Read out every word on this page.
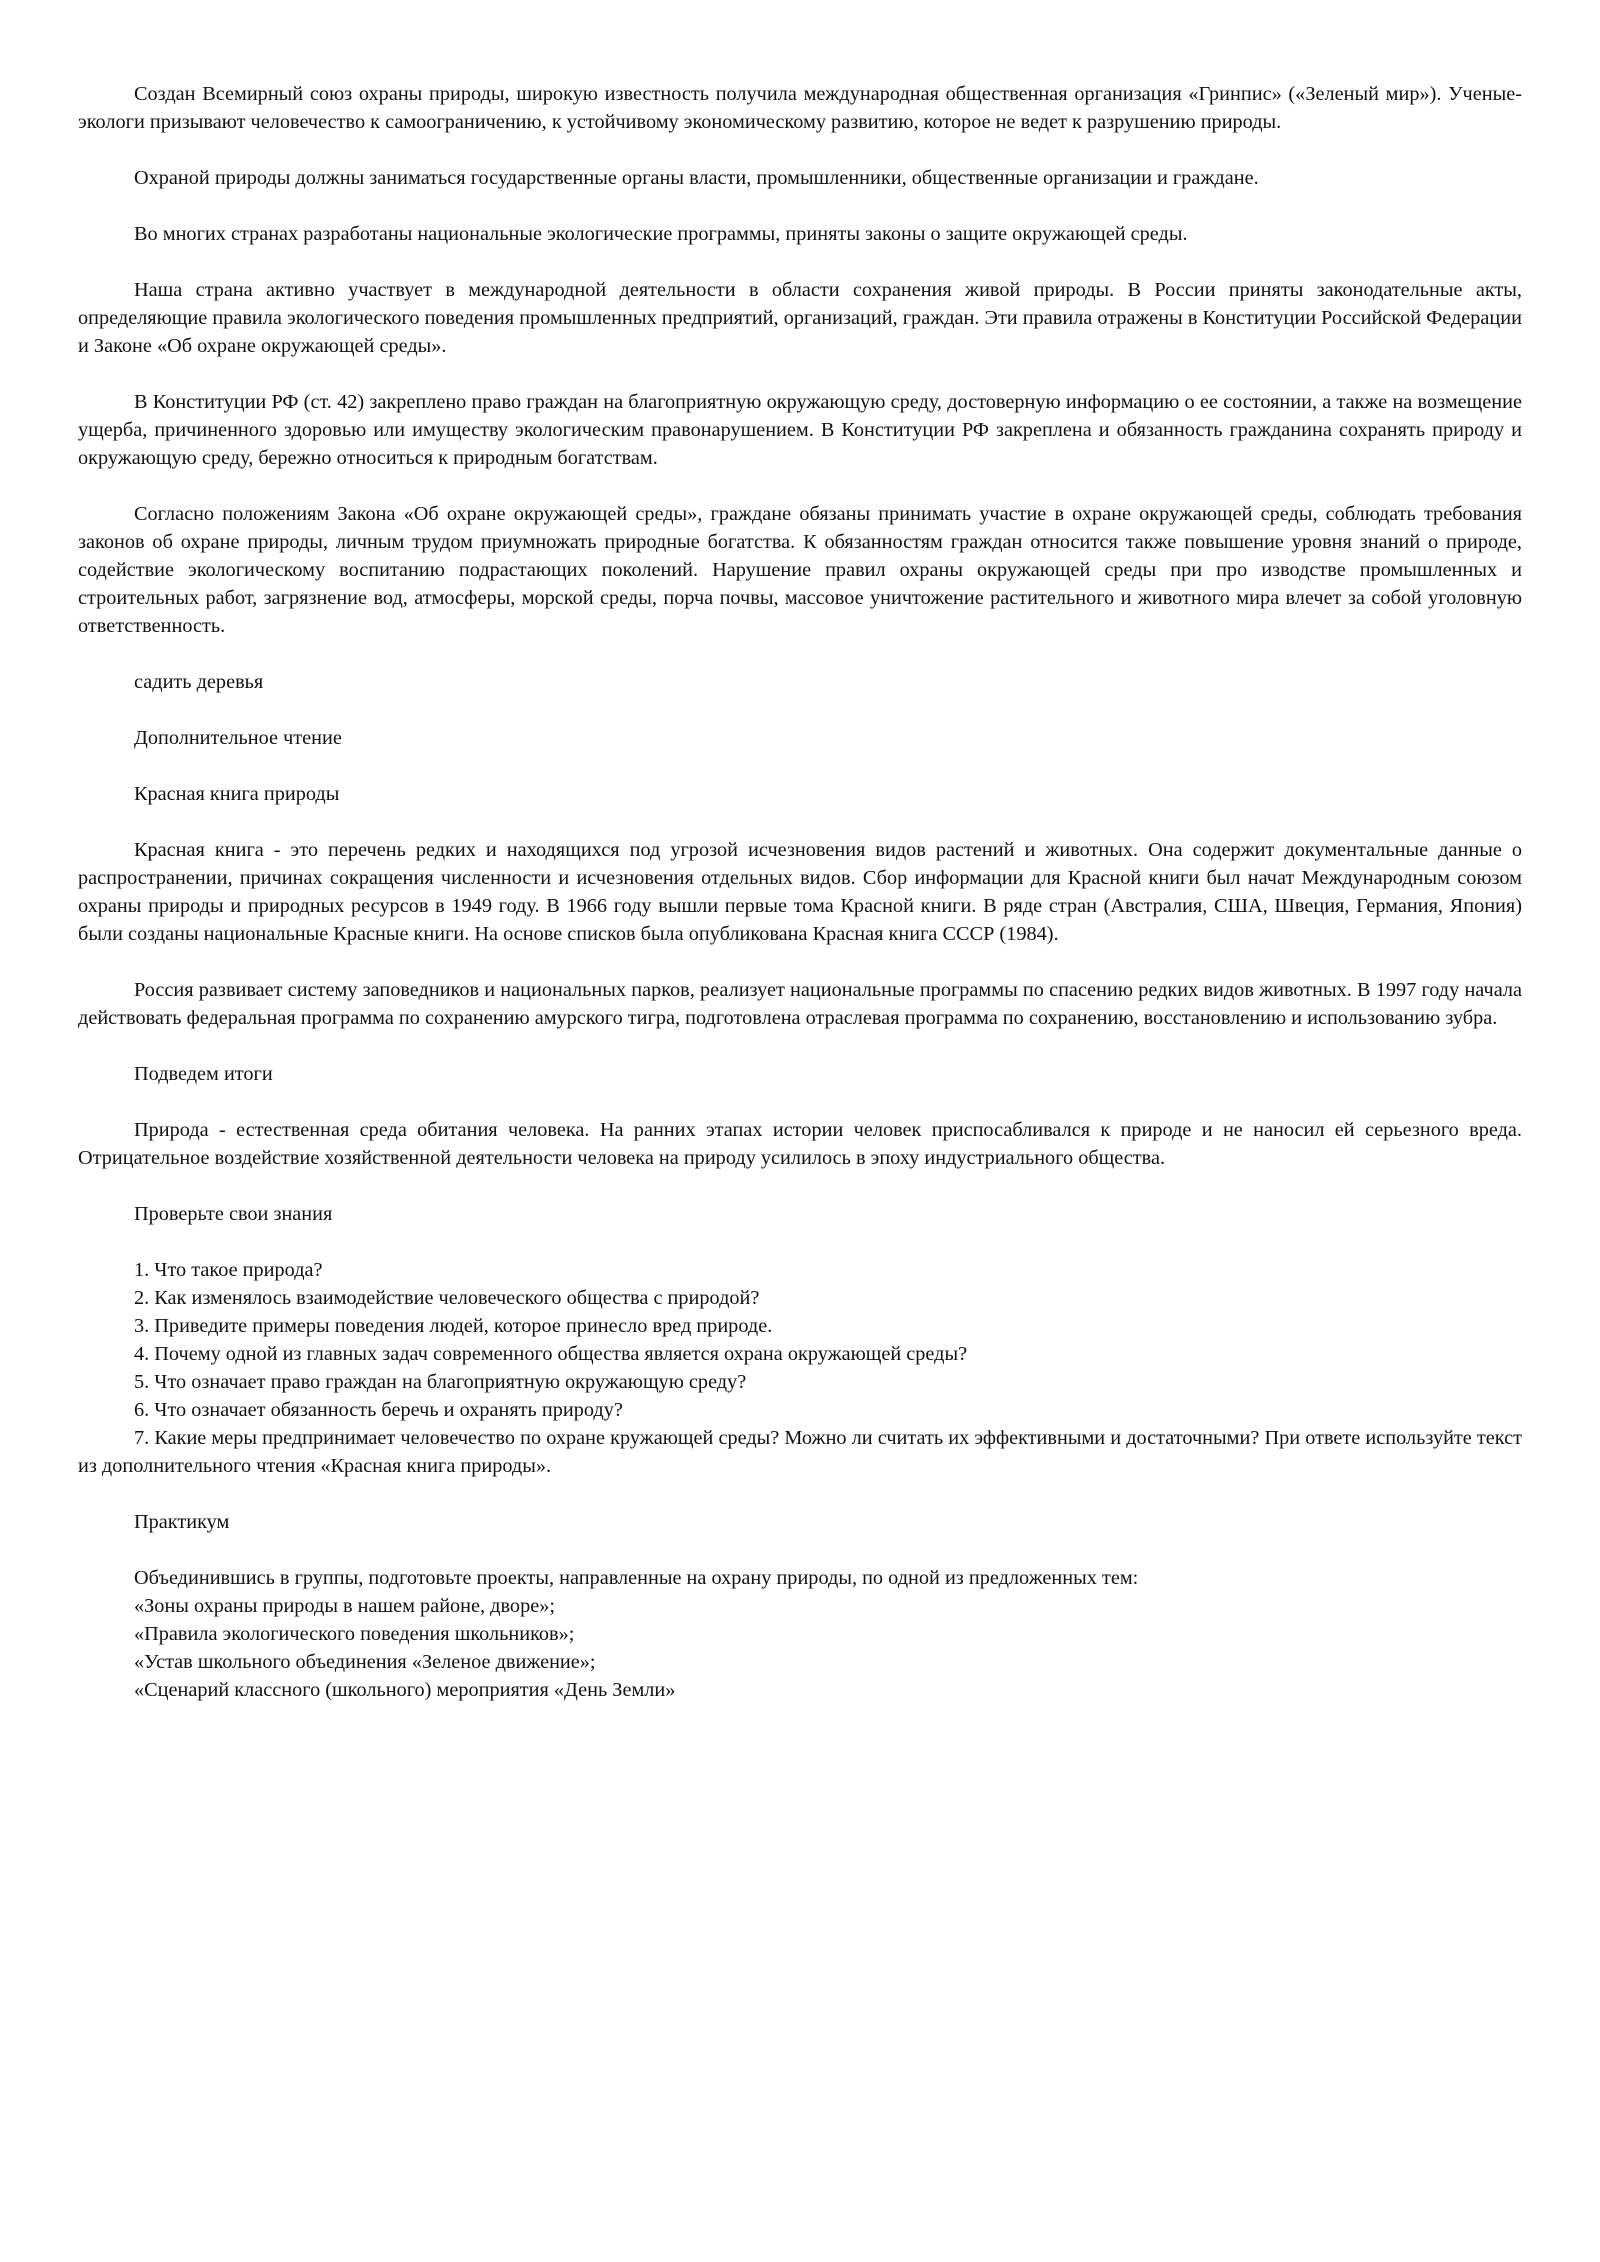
Создан Всемирный союз охраны природы, широкую известность получила международная общественная организация «Гринпис» («Зеленый мир»). Ученые-экологи призывают человечество к самоограничению, к устойчивому экономическому развитию, которое не ведет к разрушению природы.

Охраной природы должны заниматься государственные органы власти, промышленники, общественные организации и граждане.

Во многих странах разработаны национальные экологические программы, приняты законы о защите окружающей среды.

Наша страна активно участвует в международной деятельности в области сохранения живой природы. В России приняты законодательные акты, определяющие правила экологического поведения промышленных предприятий, организаций, граждан. Эти правила отражены в Конституции Российской Федерации и Законе «Об охране окружающей среды».

В Конституции РФ (ст. 42) закреплено право граждан на благоприятную окружающую среду, достоверную информацию о ее состоянии, а также на возмещение ущерба, причиненного здоровью или имуществу экологическим правонарушением. В Конституции РФ закреплена и обязанность гражданина сохранять природу и окружающую среду, бережно относиться к природным богатствам.

Согласно положениям Закона «Об охране окружающей среды», граждане обязаны принимать участие в охране окружающей среды, соблюдать требования законов об охране природы, личным трудом приумножать природные богатства. К обязанностям граждан относится также повышение уровня знаний о природе, содействие экологическому воспитанию подрастающих поколений. Нарушение правил охраны окружающей среды при про изводстве промышленных и строительных работ, загрязнение вод, атмосферы, морской среды, порча почвы, массовое уничтожение растительного и животного мира влечет за собой уголовную ответственность.

садить деревья

Дополнительное чтение

Красная книга природы

Красная книга - это перечень редких и находящихся под угрозой исчезновения видов растений и животных. Она содержит документальные данные о распространении, причинах сокращения численности и исчезновения отдельных видов. Сбор информации для Красной книги был начат Международным союзом охраны природы и природных ресурсов в 1949 году. В 1966 году вышли первые тома Красной книги. В ряде стран (Австралия, США, Швеция, Германия, Япония) были созданы национальные Красные книги. На основе списков была опубликована Красная книга СССР (1984).

Россия развивает систему заповедников и национальных парков, реализует национальные программы по спасению редких видов животных. В 1997 году начала действовать федеральная программа по сохранению амурского тигра, подготовлена отраслевая программа по сохранению, восстановлению и использованию зубра.

Подведем итоги

Природа - естественная среда обитания человека. На ранних этапах истории человек приспосабливался к природе и не наносил ей серьезного вреда. Отрицательное воздействие хозяйственной деятельности человека на природу усилилось в эпоху индустриального общества.

Проверьте свои знания

1. Что такое природа?
2. Как изменялось взаимодействие человеческого общества с природой?
3. Приведите примеры поведения людей, которое принесло вред природе.
4. Почему одной из главных задач современного общества является охрана окружающей среды?
5. Что означает право граждан на благоприятную окружающую среду?
6. Что означает обязанность беречь и охранять природу?
7. Какие меры предпринимает человечество по охране кружающей среды? Можно ли считать их эффективными и достаточными? При ответе используйте текст из дополнительного чтения «Красная книга природы».

Практикум

Объединившись в группы, подготовьте проекты, направленные на охрану природы, по одной из предложенных тем:
«Зоны охраны природы в нашем районе, дворе»;
«Правила экологического поведения школьников»;
«Устав школьного объединения «Зеленое движение»;
«Сценарий классного (школьного) мероприятия «День Земли»
